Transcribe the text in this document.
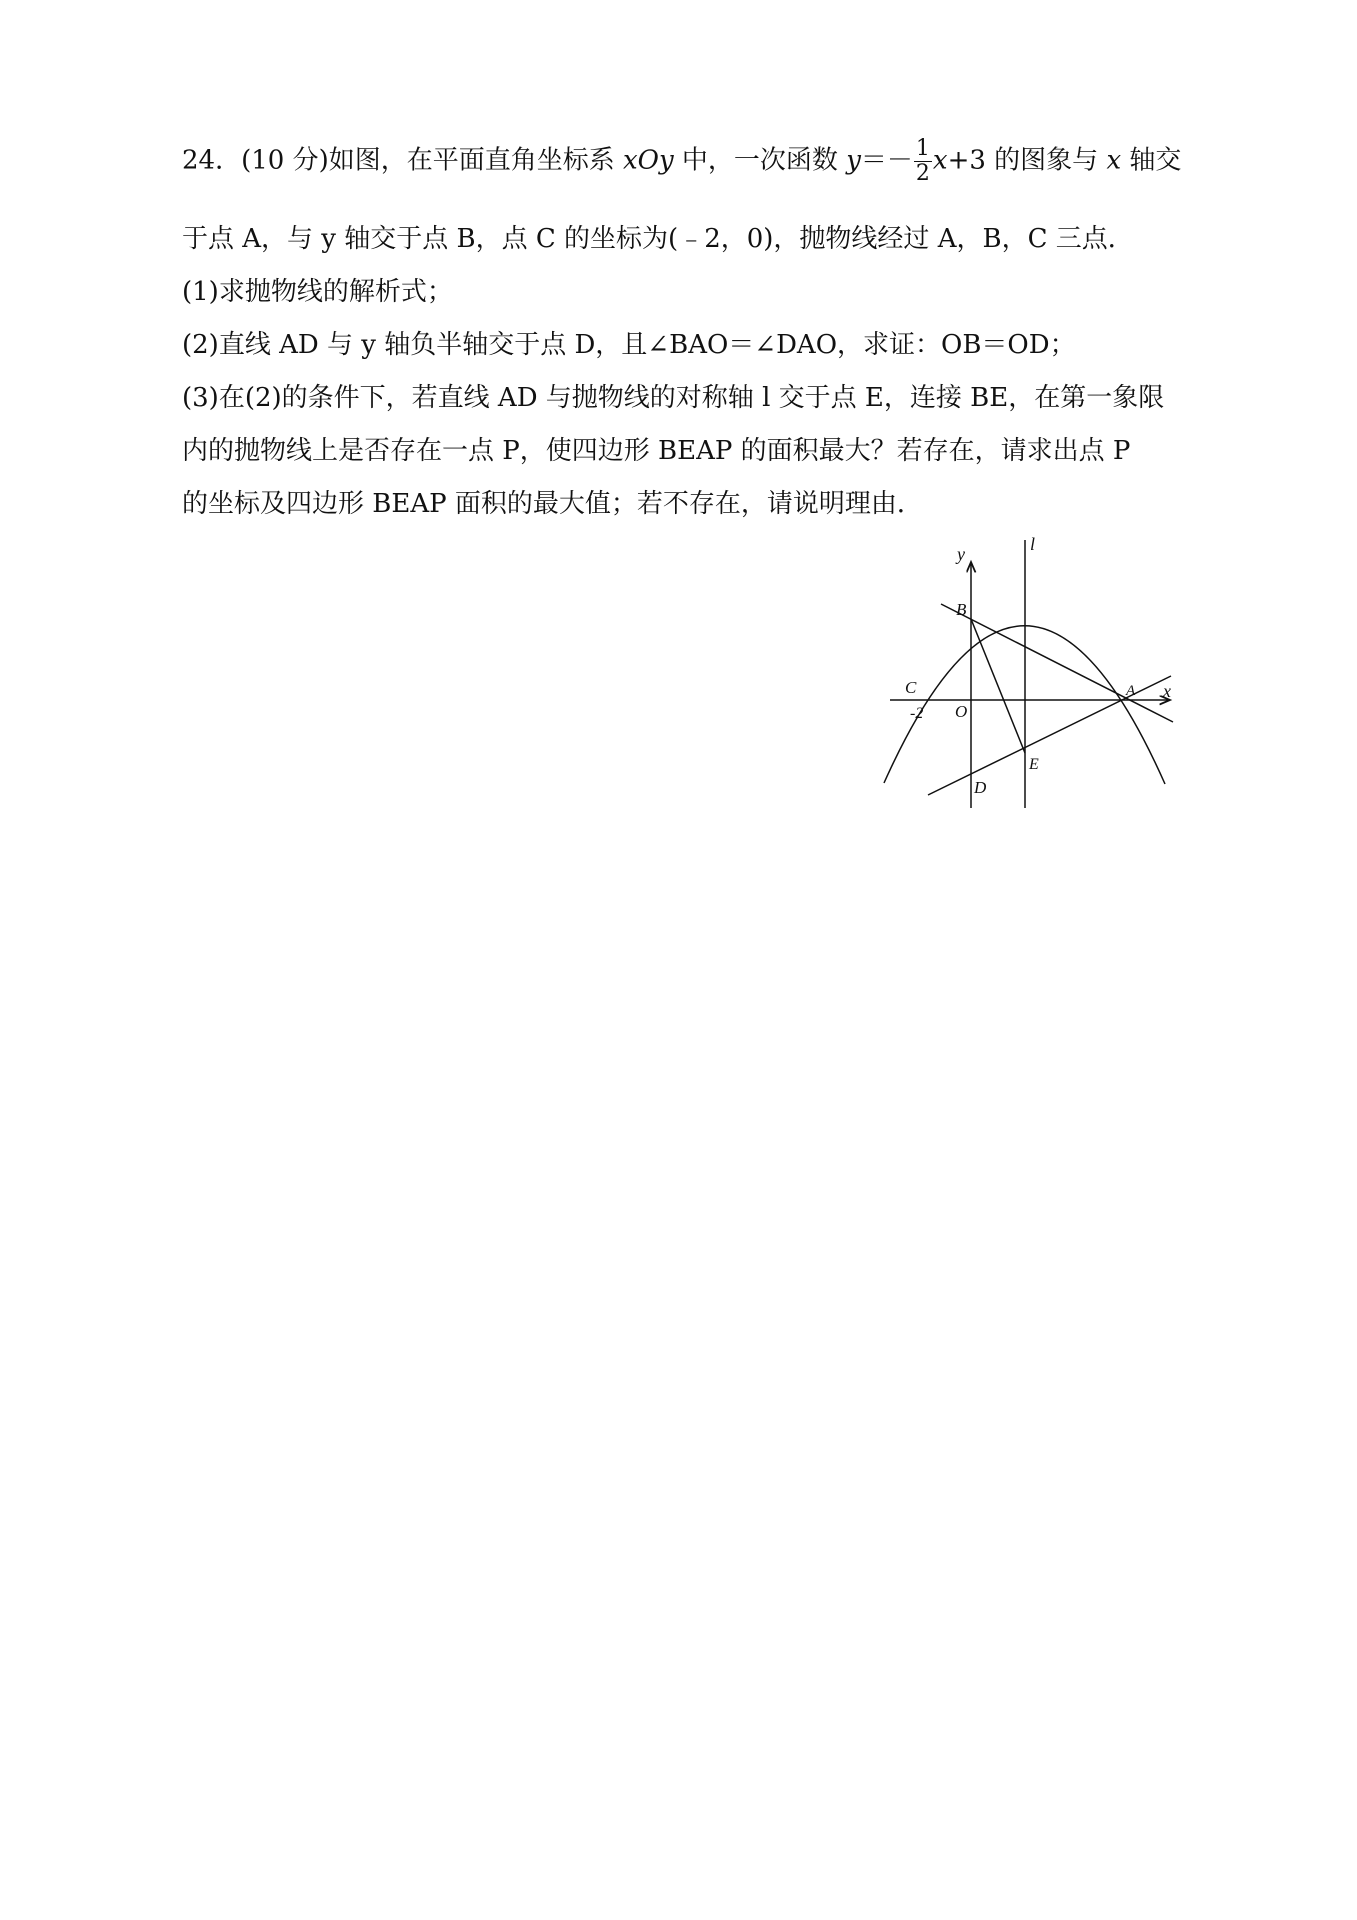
24．(10 分)如图，在平面直角坐标系 xOy 中，一次函数 $y=- \frac{1}{2} x+3$ 的图象与 x 轴交
于点 A，与 y 轴交于点 B，点 C 的坐标为(﹣2，0)，抛物线经过 A，B，C 三点．
(1)求抛物线的解析式；
(2)直线 AD 与 y 轴负半轴交于点 D，且∠BAO＝∠DAO，求证：OB＝OD；
(3)在(2)的条件下，若直线 AD 与抛物线的对称轴 l 交于点 E，连接 BE，在第一象限
内的抛物线上是否存在一点 P，使四边形 BEAP 的面积最大？若存在，请求出点 P
的坐标及四边形 BEAP 面积的最大值；若不存在，请说明理由．
y	l
x
B
C
-2 O
A
E
D
